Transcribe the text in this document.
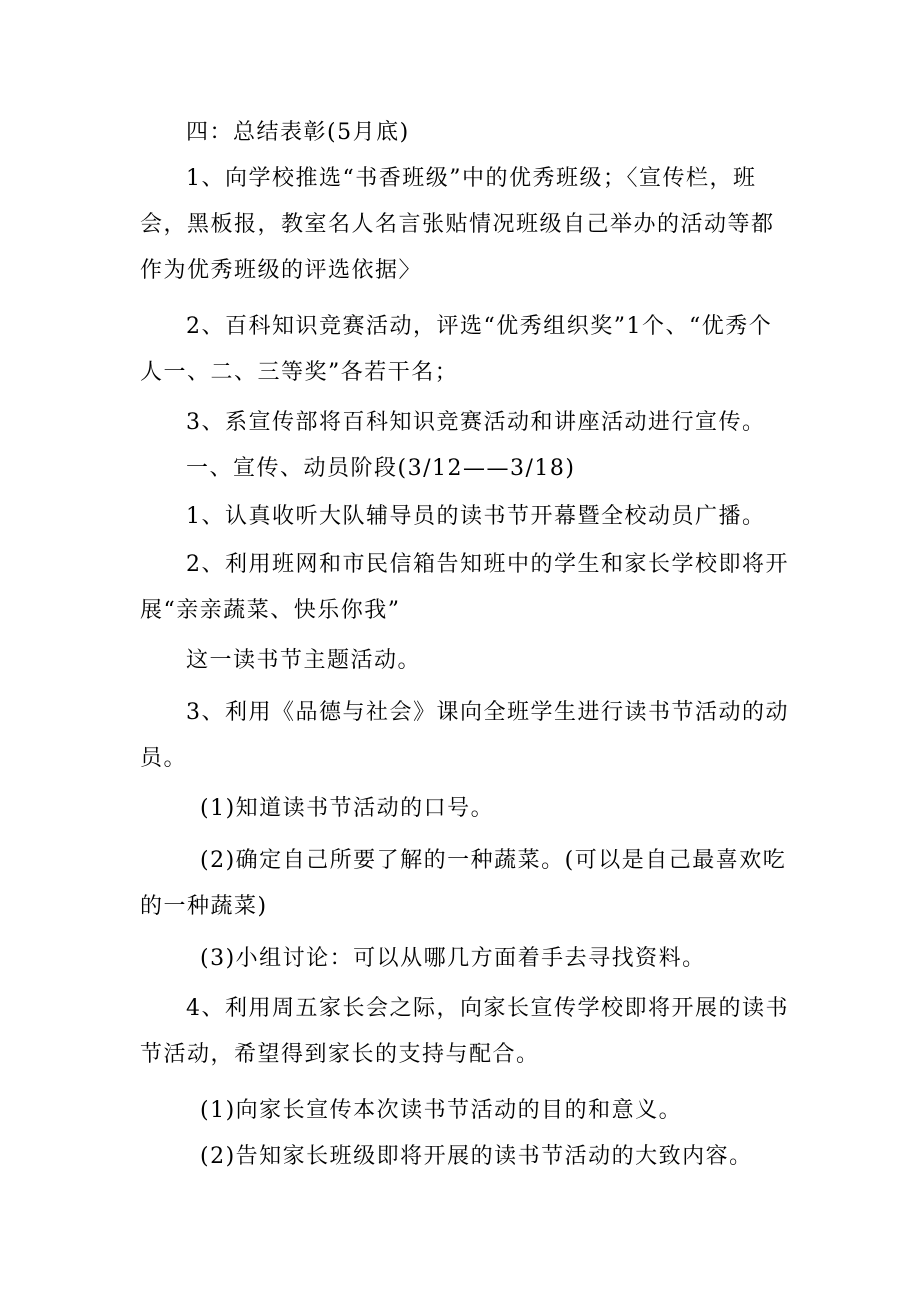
四：总结表彰(5月底)

1、向学校推选“书香班级”中的优秀班级；〈宣传栏，班会，黑板报，教室名人名言张贴情况班级自己举办的活动等都作为优秀班级的评选依据〉

2、百科知识竞赛活动，评选“优秀组织奖”1个、“优秀个人一、二、三等奖”各若干名；

3、系宣传部将百科知识竞赛活动和讲座活动进行宣传。

一、宣传、动员阶段(3/12——3/18)

1、认真收听大队辅导员的读书节开幕暨全校动员广播。

2、利用班网和市民信箱告知班中的学生和家长学校即将开展“亲亲蔬菜、快乐你我”

这一读书节主题活动。

3、利用《品德与社会》课向全班学生进行读书节活动的动员。

(1)知道读书节活动的口号。

(2)确定自己所要了解的一种蔬菜。(可以是自己最喜欢吃的一种蔬菜)

(3)小组讨论：可以从哪几方面着手去寻找资料。

4、利用周五家长会之际，向家长宣传学校即将开展的读书节活动，希望得到家长的支持与配合。

(1)向家长宣传本次读书节活动的目的和意义。

(2)告知家长班级即将开展的读书节活动的大致内容。
